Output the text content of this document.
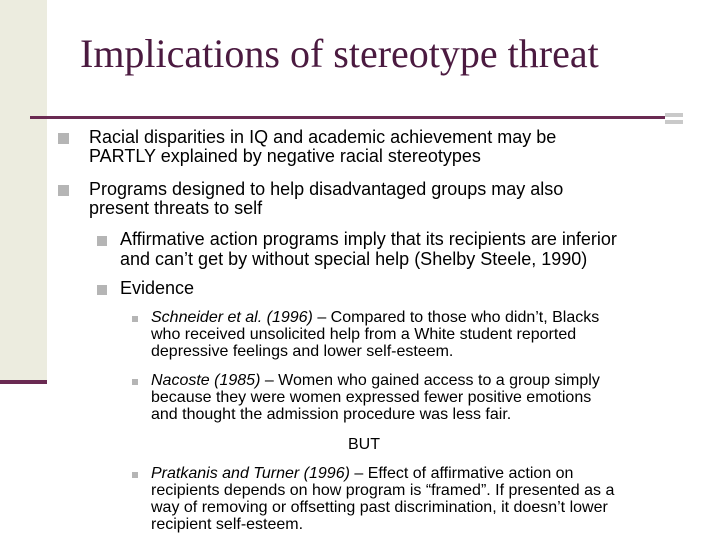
Implications of stereotype threat
Racial disparities in IQ and academic achievement may be
PARTLY explained by negative racial stereotypes
Programs designed to help disadvantaged groups may also
present threats to self
Affirmative action programs imply that its recipients are inferior
and can’t get by without special help (Shelby Steele, 1990)
Evidence
Schneider et al. (1996) – Compared to those who didn’t, Blacks
who received unsolicited help from a White student reported
depressive feelings and lower self-esteem.
Nacoste (1985) – Women who gained access to a group simply
because they were women expressed fewer positive emotions
and thought the admission procedure was less fair.
BUT
Pratkanis and Turner (1996) – Effect of affirmative action on
recipients depends on how program is “framed”. If presented as a
way of removing or offsetting past discrimination, it doesn’t lower
recipient self-esteem.
